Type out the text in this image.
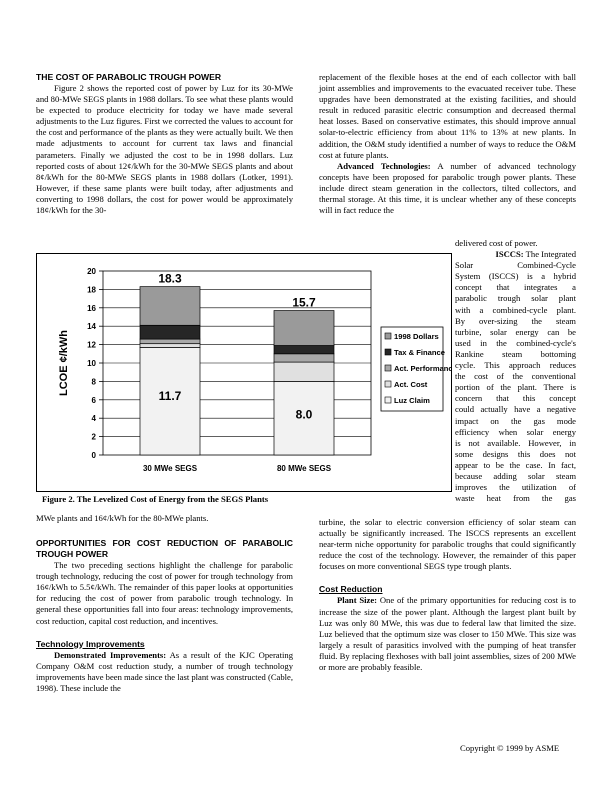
THE COST OF PARABOLIC TROUGH POWER

Figure 2 shows the reported cost of power by Luz for its 30-MWe and 80-MWe SEGS plants in 1988 dollars. To see what these plants would be expected to produce electricity for today we have made several adjustments to the Luz figures. First we corrected the values to account for the cost and performance of the plants as they were actually built. We then made adjustments to account for current tax laws and financial parameters. Finally we adjusted the cost to be in 1998 dollars. Luz reported costs of about 12¢/kWh for the 30-MWe SEGS plants and about 8¢/kWh for the 80-MWe SEGS plants in 1988 dollars (Lotker, 1991). However, if these same plants were built today, after adjustments and converting to 1998 dollars, the cost for power would be approximately 18¢/kWh for the 30-

replacement of the flexible hoses at the end of each collector with ball joint assemblies and improvements to the evacuated receiver tube. These upgrades have been demonstrated at the existing facilities, and should result in reduced parasitic electric consumption and decreased thermal heat losses. Based on conservative estimates, this should improve annual solar-to-electric efficiency from about 11% to 13% at new plants. In addition, the O&M study identified a number of ways to reduce the O&M cost at future plants.

Advanced Technologies: A number of advanced technology concepts have been proposed for parabolic trough power plants. These include direct steam generation in the collectors, tilted collectors, and thermal storage. At this time, it is unclear whether any of these concepts will in fact reduce the

delivered cost of power.

ISCCS: The Integrated
Solar Combined-Cycle
System (ISCCS) is a hybrid
concept that integrates a
parabolic trough solar plant
with a combined-cycle plant.
By over-sizing the steam
turbine, solar energy can be
used in the combined-cycle's
Rankine steam bottoming
cycle. This approach reduces
the cost of the conventional
portion of the plant. There is
concern that this concept
could actually have a negative
impact on the gas mode
efficiency when solar energy
is not available. However, in
some designs this does not
appear to be the case. In fact,
because adding solar steam
improves the utilization of
waste heat from the gas
0
2
4
6
8
10
12
14
16
18
20
LCOE ¢/kWh
30 MWe SEGS	80 MWe SEGS
18.3
11.7
15.7
8.0
1998 Dollars
Tax & Finance
Act. Performance
Act. Cost
Luz Claim
Figure 2. The Levelized Cost of Energy from the SEGS Plants

MWe plants and 16¢/kWh for the 80-MWe plants.

OPPORTUNITIES FOR COST REDUCTION OF PARABOLIC TROUGH POWER

The two preceding sections highlight the challenge for parabolic trough technology, reducing the cost of power for trough technology from 16¢/kWh to 5.5¢/kWh. The remainder of this paper looks at opportunities for reducing the cost of power from parabolic trough technology. In general these opportunities fall into four areas: technology improvements, cost reduction, capital cost reduction, and incentives.

Technology Improvements

Demonstrated Improvements: As a result of the KJC Operating Company O&M cost reduction study, a number of trough technology improvements have been made since the last plant was constructed (Cable, 1998). These include the

turbine, the solar to electric conversion efficiency of solar steam can actually be significantly increased. The ISCCS represents an excellent near-term niche opportunity for parabolic troughs that could significantly reduce the cost of the technology. However, the remainder of this paper focuses on more conventional SEGS type trough plants.

Cost Reduction

Plant Size: One of the primary opportunities for reducing cost is to increase the size of the power plant. Although the largest plant built by Luz was only 80 MWe, this was due to federal law that limited the size. Luz believed that the optimum size was closer to 150 MWe. This size was largely a result of parasitics involved with the pumping of heat transfer fluid. By replacing flexhoses with ball joint assemblies, sizes of 200 MWe or more are probably feasible.

Copyright © 1999 by ASME
